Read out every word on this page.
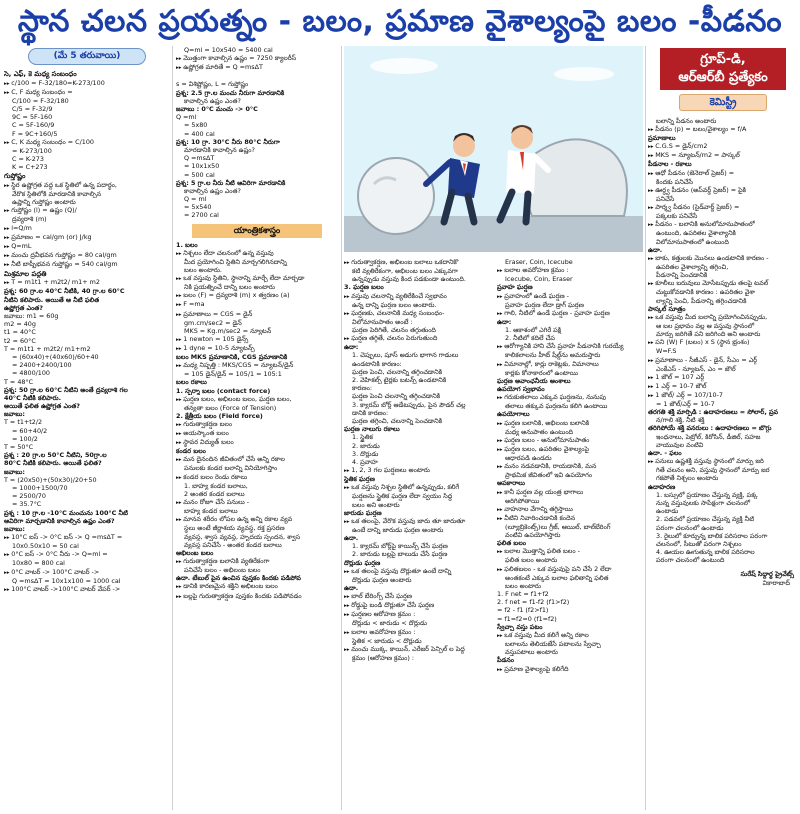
స్థాన చలన ప్రయత్నం - బలం, ప్రమాణ వైశాల్యంపై బలం -పీడనం
(మే 5 తరువాయి)
సె, ఎఫ్, కె మధ్య సంబంధం
▸▸ c/100 = F-32/180=K-273/100
▸▸ C, F మధ్య సంబంధం =
C/100 = F-32/180
C/5 = F-32/9
9C = 5F-160
C = 5F-160/9
F = 9C+160/5
▸▸ C, K మధ్య సంబంధం = C/100
= K-273/100
C = K-273
K = C+273
గుప్తోష్ణం
▸▸ స్థిర ఉష్ణోగ్రత వద్ద ఒక స్థితిలో ఉన్న పదార్థం,
వేరొక స్థితిలోకి మారడానికి కావాల్సిన
ఉష్ణాన్ని గుప్తోష్ణం అంటారు
▸▸ గుప్తోష్ణం (l) = ఉష్ణం (Q)/
ద్రవ్యరాశి (m)
▸▸ l=Q/m
▸▸ ప్రమాణం = cal/gm (or) J/kg
▸▸ Q=mL
▸▸ మంచు ద్రవీభవన గుప్తోష్ణం = 80 cal/gm
▸▸ నీటి బాష్పీభవన గుప్తోష్ణం = 540 cal/gm
మిశ్రమాల పద్ధతి
▸▸ T = m1t1 + m2t2/ m1+ m2
ప్రశ్న: 60 గ్రా.ల 40°C నీటికి, 40 గ్రా.ల 60°C
నీటిని కలిపారు. అయితే ఆ నీటి ఫలిత
ఉష్ణోగ్రత ఎంత?
జవాబు: m1 = 60g
m2 = 40g
t1 = 40°C
t2 = 60°C
T = m1t1 + m2t2/ m1+m2
= (60x40)+(40x60)/60+40
= 2400+2400/100
= 4800/100
T = 48°C
ప్రశ్న: 50 గ్రా.ల 60°C నీటిని అంతే ద్రవ్యరాశి గల
40°C నీటికి కలిపారు.
అయితే ఫలిత ఉష్ణోగ్రత ఎంత?
జవాబు:
T = t1+t2/2
= 60+40/2
= 100/2
T = 50°C
ప్రశ్న : 20 గ్రా.ల 50°C నీటిని, 50గ్రా.ల
80°C నీటికి కలిపారు. అయితే ఫలిత?
జవాబు:
T = (20x50)+(50x30)/20+50
= 1000+1500/70
= 2500/70
= 35.7°C
ప్రశ్న : 10 గ్రా.ల -10°C మంచును 100°C నీటి
ఆవిరిగా మార్చడానికి కావాల్సిన ఉష్ణం ఎంత?
జవాబు:
▸▸ 10°C ఐస్ -> 0°C ఐస్ -> Q =msΔT =
10x0.50x10 = 50 cal
▸▸ 0°C ఐస్ -> 0°C నీరు -> Q=ml =
10x80 = 800 cal
▸▸ 0°C వాటర్ -> 100°C వాటర్ ->
Q =msΔT = 10x1x100 = 1000 cal
▸▸ 100°C వాటర్ ->100°C వాటర్ వేపర్ ->
Q=ml = 10x540 = 5400 cal
▸▸ మొత్తంగా కావాల్సిన ఉష్ణం = 7250 క్యాలరీస్
▸▸ ఉష్ణోగ్రత మారితే = Q =msΔT

s = విశిష్టోష్ణం, L = గుప్తోష్ణం
ప్రశ్న: 2.5 గ్రా.ల మంచు నీరుగా మారడానికి
కావాల్సిన ఉష్ణం ఎంత?
జవాబు : 0°C మంచు -> 0°C
Q =ml
= 5x80
= 400 cal
ప్రశ్న: 10 గ్రా. 30°C నీరు 80°C నీరుగా
మారడానికి కావాల్సిన ఉష్ణం?
Q =msΔT
= 10x1x50
= 500 cal
ప్రశ్న: 5 గ్రా.ల నీరు నీటి ఆవిరిగా మారడానికి
కావాల్సిన ఉష్ణం ఎంత?
Q = ml
= 5x540
= 2700 cal
యాంత్రికశాస్త్రం
1. బలం
▸▸ నిశ్చలం లేదా చలనంలో ఉన్న వస్తువు
మీద ప్రయోగించి స్థితిని మార్చగలిగినదాన్ని
బలం అంటారు.
▸▸ ఒక వస్తువు స్థితిని, స్థానాన్ని మార్చే లేదా మార్చడా
నికి ప్రయత్నించే దాన్ని బలం అంటారు
▸▸ బలం (F) = ద్రవ్యరాశి (m) x త్వరణం (a)
▸▸ F =ma
▸▸ ప్రమాణాలు = CGS = డైన్
gm.cm/sec2 = డైన్
MKS = Kg.m/sec2 = న్యూటన్
▸▸ 1 newton = 105 డైన్స్
▸▸ 1 dyne = 10-5 న్యూటన్స్
బలం MKS ప్రమాణానికి, CGS ప్రమాణానికి
▸▸ మధ్య నిష్పత్తి : MKS/CGS = న్యూటన్/డైన్
= 105 డైన్/డైన్ = 105/1 = 105:1
బలం రకాలు
1. స్పర్శా బలం (contact force)
▸▸ ఘర్షణ బలం, అభిలంబ బలం, ఘర్షణ బలం,
తన్యతా బలం (Force of Tension)
2. క్షేత్రీయ బలం (Field force)
▸▸ గురుత్వాకర్షణ బలం
▸▸ అయస్కాంత బలం
▸▸ స్థావర విద్యుత్ బలం
కండర బలం
▸▸ మన దైనందిన జీవితంలో చేసే అన్ని రకాల
పనులకు కండర బలాన్ని వినియోగిస్తాం
▸▸ కండర బలం రెండు రకాలు
1. బాహ్య కండర బలాలు,
2 అంతర కండర బలాలు
▸▸ మనం రోజూ చేసే పనులు -
బాహ్య కండర బలాలు
▸▸ మానవ శరీరం లోపల ఉన్న అన్ని రకాల వ్యవ
స్థలు అంటే జీర్ణాశయ వ్యవస్థ, రక్త ప్రసరణ
వ్యవస్థ, శ్వాస వ్యవస్థ, హృదయ స్పందన, శ్వాస
వ్యవస్థ పనిచేసే - అంతర కండర బలాలు
అభిలంబ బలం
▸▸ గురుత్వాకర్షణ బలానికి వ్యతిరేకంగా
పనిచేసే బలం - అభిలంబ బలం
ఉదా. టేబుల్ పైన ఉంచిన పుస్తకం కిందకు పడిపోవ
▸▸ డానికి కారణమైన శక్తిని అభిలంబ బలం
▸▸ బల్లపై గురుత్వాకర్షణ పుస్తకం కిందకు పడిపోవడం
▸▸ గురుత్వాకర్షణ, అభిలంబ బలాలు ఒకదానికొ
కటి వ్యతిరేకంగా, అభిలంబ బలం ఎక్కువగా
ఉన్నప్పుడు వస్తువు కింద పడకుండా ఉంటుంది.
3. ఘర్షణ బలం
▸▸ వస్తువు చలనాన్ని వ్యతిరేకించే స్వభావం
ఉన్న దాన్ని ఘర్షణ బలం అంటారు.
▸▸ ఘర్షణకు, చలనానికి మధ్య సంబంధం-
విలోమానుపాతం అంటే :
ఘర్షణ పెరిగితే, చలనం తగ్గుతుంది
▸▸ ఘర్షణ తగ్గితే, చలనం పెరుగుతుంది
ఉదా:
1. చెప్పులు, షూస్ అడుగు భాగాన గాడులు
ఉండటానికి కారణం:
ఘర్షణ పెంచి, చలనాన్ని తగ్గించడానికి
2. వెహికల్స్ టైర్లకు బటన్స్ ఉండటానికి
కారణం:
ఘర్షణ పెంచి చలనాన్ని తగ్గించడానికి
3. క్యారమ్ బోర్డ్ ఆడేటప్పుడు, పైన పౌడర్ చల్ల
డానికి కారణం:
ఘర్షణ తగ్గించి, చలనాన్ని పెంచడానికి
ఘర్షణ నాలుగు రకాలు
1. స్థైతిక
2. జారుడు
3. దొర్లుడు
4. ప్రవాహ
▸▸ 1, 2, 3 గల ఘర్షణలు అంటారు
స్థైతిక ఘర్షణ
▸▸ ఒక వస్తువు నిశ్చల స్థితిలో ఉన్నప్పుడు, కలిగే
ఘర్షణను స్థైతిక ఘర్షణ లేదా స్వయం సిద్ధ
బలం అని అంటారు
జారుడు ఘర్షణ
▸▸ ఒక తలంపై, వేరొక వస్తువు జారు తూ జారుతూ
ఉంటే దాన్ని జారుడు ఘర్షణ అంటారు
ఉదా.
1. క్యారమ్ బోర్డ్‌పై కాయిన్స్ చేసే ఘర్షణ
2. జారుడు బల్లపై బాలుడు చేసే ఘర్షణ
దొర్లుడు ఘర్షణ
▸▸ ఒక తలంపై వస్తువు దొర్లుతూ ఉంటే దాన్ని
దొర్లుడు ఘర్షణ అంటారు
ఉదా.
▸▸ బాల్ బేరింగ్స్ చేసే ఘర్షణ
▸▸ రోడ్డుపై బండి దొర్లుతూ చేసే ఘర్షణ
▸▸ ఘర్షణల ఆరోహణ క్రమం :
దొర్లుడు < జారుడు < దొర్లుడు
▸▸ బలాల అవరోహణ క్రమం :
స్థైతిక < జారుడు < దొర్లుడు
▸▸ మంచు ముక్క, కాయిన్, ఎరేజర్ పెన్సిల్ ల పెద్ద
క్రమం (ఆరోహణ క్రమం) :
Eraser, Coin, Icecube
▸▸ బలాల అవరోహణ క్రమం :
Icecube, Coin, Eraser
ప్రవాహ ఘర్షణ
▸▸ ప్రవాహంలో ఉండే ఘర్షణ -
ప్రవాహ ఘర్షణ లేదా డ్రాగ్ ఘర్షణ
▸▸ గాలి, నీటిలో ఉండే ఘర్షణ - ప్రవాహ ఘర్షణ
ఉదా:
1. ఆకాశంలో ఎగిరే పక్షి
2. నీటిలో కదిలే చేప
▸▸ ఆరోగ్యానికి హాని చేసే ప్రవాహ పీడనానికి గురయ్యే
కాలికలాలను హీట్ షీల్డ్‌ను అమరుస్తారు
▸▸ విమానాల్లో, కార్లు రాకెట్లకు, విమానాలు
కార్లకు కోనాకారంలో ఉంటాయి
ఘర్షణ అవాంఛనీయ అంశాలు
ఉపయోగ స్వభావం
▸▸ గరుకుతలాలు ఎక్కువ ఘర్షణను, నునుపు
తలాలు తక్కువ ఘర్షణను కలిగి ఉంటాయి
ఉపయోగాలు
▸▸ ఘర్షణ బలానికి, అభిలంబ బలానికి
మధ్య అనుపాతం ఉంటుంది
▸▸ ఘర్షణ బలం - అనులోమానుపాతం
▸▸ ఘర్షణ బలం, ఉపరితల వైశాల్యంపై
ఆధారపడి ఉండదు
▸▸ మనం నడవడానికి, రాయడానికి, మన
ప్రాథమిక జీవితంలో ఇవి ఉపయోగం
అపకారాలు
▸▸ కానీ ఘర్షణ వల్ల యంత్ర భాగాలు
అరిగిపోతాయి
▸▸ వాహనాల వేగాన్ని తగ్గిస్తాయి
▸▸ వీటిని నివారించడానికి కందెన
(ల్యూబ్రికెంట్స్)లు గ్రీజ్, ఆయిల్, బాల్‌బేరింగ్
వంటివి ఉపయోగిస్తారు
ఫలిత బలం
▸▸ బలాల మొత్తాన్ని ఫలిత బలం -
ఫలిత బలం అంటారు
▸▸ ఫలితబలం - ఒక వస్తువుపై పని చేసే 2 లేదా
అంతకంటే ఎక్కువ బలాల ఫలితాన్ని ఫలిత
బలం అంటారు
1. F net = f1+f2
2. f net = f1-f2 (f1>f2)
= f2 - f1 (f2>f1)
= f1=f2=0 (f1=f2)
స్వేచ్ఛా వస్తు పటం
▸▸ ఒక వస్తువు మీద కలిగే అన్ని రకాల
బలాలను తెలియజేసే పటాలను స్వేచ్ఛా
వస్తుపటాలు అంటారు
పీడనం
▸▸ ప్రమాణ వైశాల్యంపై కలిగేది
గ్రూప్-డి,
ఆర్ఆర్‌బీ ప్రత్యేకం
కెమిస్ట్రీ
బలాన్ని పీడనం అంటారు
▸▸ పీడనం (p) = బలం/వైశాల్యం = f/A
ప్రమాణాలు
▸▸ C.G.S = డైన్/cm2
▸▸ MKS = న్యూటన్/m2 = పాస్కల్
పీడనాల - రకాలు
▸▸ ఆధో పీడనం (జెనెరాల్ ప్రెజర్) =
కిందకు పనిచేసే
▸▸ ఊర్ధ్వ పీడనం (అప్‌వర్డ్ ప్రెజర్) = పైకి
పనిచేసే
▸▸ పార్శ్వ పీడనం (సైడ్‌వార్డ్ ప్రెజర్) =
పక్కలకు పనిచేసే
▸▸ పీడనం - బలానికి అనులోమానుపాతంలో
ఉంటుంది, ఉపరితల వైశాల్యానికి
విలోమానుపాతంలో ఉంటుంది
ఉదా.
▸▸ బాకు, కత్తులకు మొనలు ఉండటానికి కారణం -
ఉపరితల వైశాల్యాన్ని తగ్గించి,
పీడనాన్ని పెంచడానికి
▸▸ కూలీలు బరువులు మోసేటప్పుడు తలపై టవల్
చుట్టుకోవడానికి కారణం : ఉపరితల వైశా
ల్యాన్ని పెంచి, పీడనాన్ని తగ్గించడానికి
పాస్కల్ సూత్రం
▸▸ ఒక వస్తువు మీద బలాన్ని ప్రయోగించినప్పుడు,
ఆ బల ప్రభావం వల్ల ఆ వస్తువు స్థానంలో
మార్పు జరిగితే పని జరిగింది అని అంటారు
▸▸ పని (W) F (బలం) x S (స్థాన భ్రంశం)
W=F.S
▸▸ ప్రమాణాలు - సీజీఎస్ - డైన్, సీఎం = ఎర్గ్
ఎంకేఎస్ - న్యూటన్, ఎం = జౌల్
▸▸ 1 జౌల్ = 107 ఎర్గ్
▸▸ 1 ఎర్గ్ = 10-7 జౌల్
▸▸ 1 జౌల్/ ఎర్గ్ = 107/10-7
= 1 జౌల్/ఎర్గ్ = 10-7
తరగతి శక్తి మార్పిడి : ఉదాహరణలు = సోలార్, ప్రవ
న/గాలి శక్తి, నీటి శక్తి
తరిగిపోయే శక్తి వనరులు : ఉదాహరణలు = బొగ్గు
ఇంధనాలు, పెట్రోల్, కిరోసిన్, డీజిల్, సహజ
వాయువుల వంటివి
ఉదా. - ఫలం
▸▸ పనులు ఉష్ణశక్తి వస్తువు స్థానంలో మార్పు జరి
గితే చలనం అని, వస్తువు స్థానంలో మార్పు జర
గకపోతే నిశ్చలం అంటారు
ఉదాహరణ
1. బస్సులో ప్రయాణం చేస్తున్న వ్యక్తి, పక్క
నున్న వస్తువులకు సాపేక్షంగా చలనంలో
ఉంటాడు
2. పడవలో ప్రయాణం చేస్తున్న వ్యక్తి నీటి
పరంగా చలనంలో ఉంటాడు
3. రైలులో కూర్చున్న బాలిక పరిసరాల పరంగా
చలనంలో, సీటుతో పరంగా నిశ్చలం
4. ఊయల ఊగుతున్న బాలిక పరిసరాల
పరంగా చలనంలో ఉంటుంది
సురేష్ సిద్దార్థ ప్రైవేట్స్
వికారాబాద్
